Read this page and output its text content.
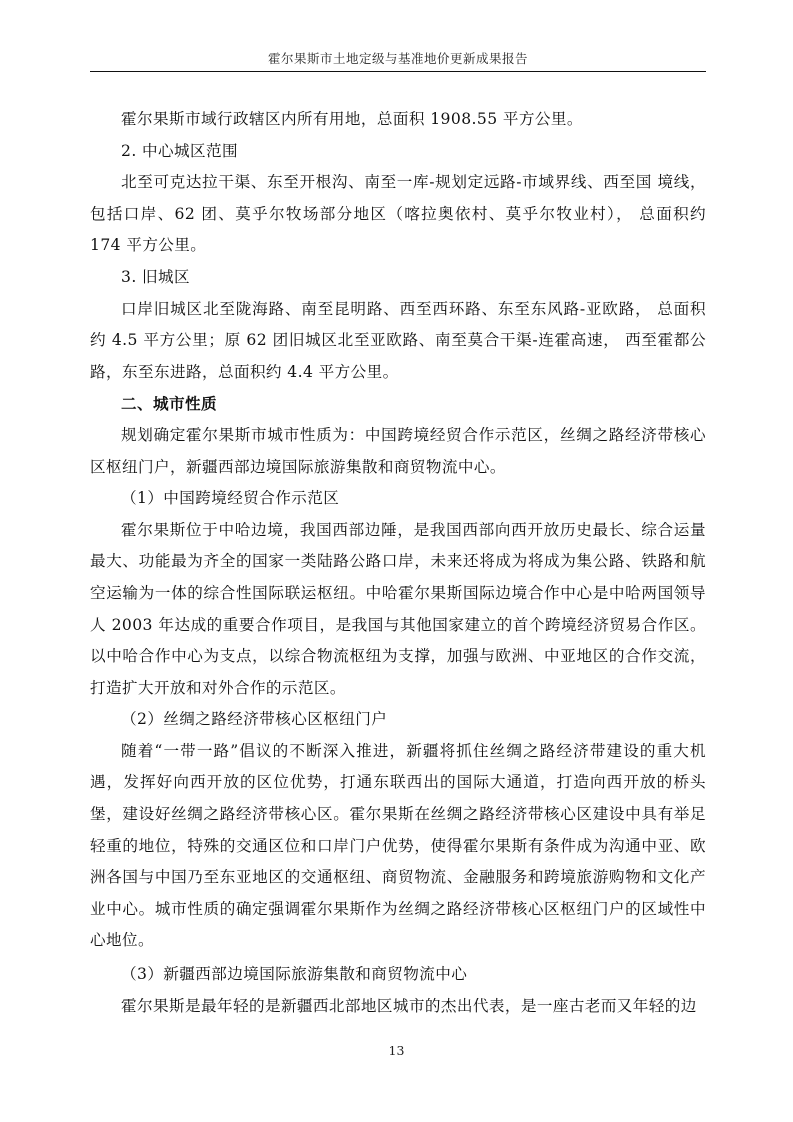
霍尔果斯市土地定级与基准地价更新成果报告

霍尔果斯市域行政辖区内所有用地，总面积 1908.55 平方公里。

2. 中心城区范围

北至可克达拉干渠、东至开根沟、南至一库-规划定远路-市域界线、西至国 境线，包括口岸、62 团、莫乎尔牧场部分地区（喀拉奥依村、莫乎尔牧业村）， 总面积约 174 平方公里。

3. 旧城区

口岸旧城区北至陇海路、南至昆明路、西至西环路、东至东风路-亚欧路， 总面积约 4.5 平方公里；原 62 团旧城区北至亚欧路、南至莫合干渠-连霍高速， 西至霍都公路，东至东进路，总面积约 4.4 平方公里。

二、城市性质

规划确定霍尔果斯市城市性质为：中国跨境经贸合作示范区，丝绸之路经济带核心区枢纽门户，新疆西部边境国际旅游集散和商贸物流中心。

（1）中国跨境经贸合作示范区

霍尔果斯位于中哈边境，我国西部边陲，是我国西部向西开放历史最长、综合运量最大、功能最为齐全的国家一类陆路公路口岸，未来还将成为将成为集公路、铁路和航空运输为一体的综合性国际联运枢纽。中哈霍尔果斯国际边境合作中心是中哈两国领导人 2003 年达成的重要合作项目，是我国与其他国家建立的首个跨境经济贸易合作区。以中哈合作中心为支点，以综合物流枢纽为支撑，加强与欧洲、中亚地区的合作交流，打造扩大开放和对外合作的示范区。

（2）丝绸之路经济带核心区枢纽门户

随着“一带一路”倡议的不断深入推进，新疆将抓住丝绸之路经济带建设的重大机遇，发挥好向西开放的区位优势，打通东联西出的国际大通道，打造向西开放的桥头堡，建设好丝绸之路经济带核心区。霍尔果斯在丝绸之路经济带核心区建设中具有举足轻重的地位，特殊的交通区位和口岸门户优势，使得霍尔果斯有条件成为沟通中亚、欧洲各国与中国乃至东亚地区的交通枢纽、商贸物流、金融服务和跨境旅游购物和文化产业中心。城市性质的确定强调霍尔果斯作为丝绸之路经济带核心区枢纽门户的区域性中心地位。

（3）新疆西部边境国际旅游集散和商贸物流中心

霍尔果斯是最年轻的是新疆西北部地区城市的杰出代表，是一座古老而又年轻的边

13
